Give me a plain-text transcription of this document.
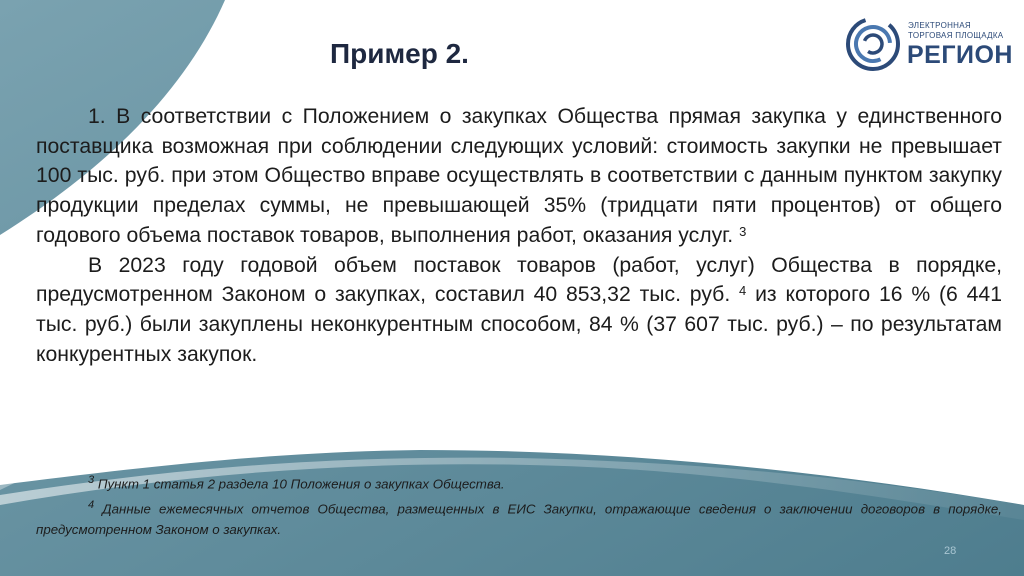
ЭЛЕКТРОННАЯ
ТОРГОВАЯ ПЛОЩАДКА
РЕГИОН
Пример 2.

1. В соответствии с Положением о закупках Общества прямая закупка у единственного поставщика возможная при соблюдении следующих условий: стоимость закупки не превышает 100 тыс. руб. при этом Общество вправе осуществлять в соответствии с данным пунктом закупку продукции пределах суммы, не превышающей 35% (тридцати пяти процентов) от общего годового объема поставок товаров, выполнения работ, оказания услуг. $^3$

В 2023 году годовой объем поставок товаров (работ, услуг) Общества в порядке, предусмотренном Законом о закупках, составил 40 853,32 тыс. руб. $^4$ из которого 16 % (6 441 тыс. руб.) были закуплены неконкурентным способом, 84 % (37 607 тыс. руб.) – по результатам конкурентных закупок.

$^3$ Пункт 1 статья 2 раздела 10 Положения о закупках Общества.

$^4$ Данные ежемесячных отчетов Общества, размещенных в ЕИС Закупки, отражающие сведения о заключении договоров в порядке, предусмотренном Законом о закупках.

28
